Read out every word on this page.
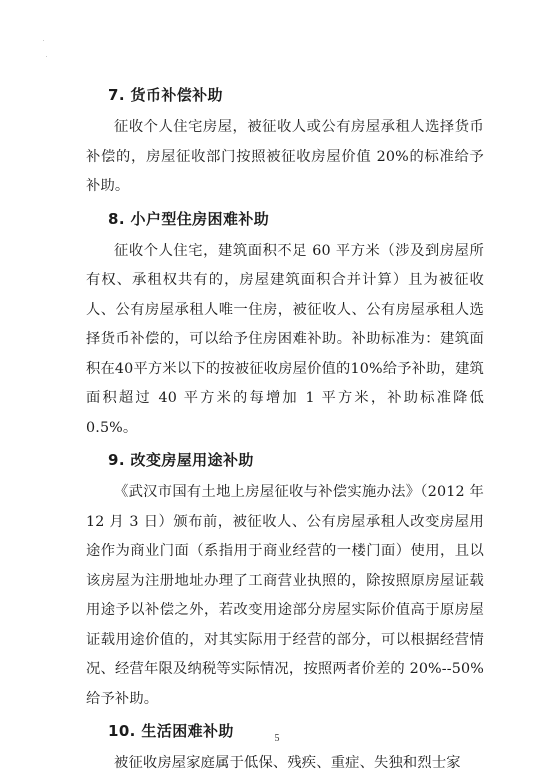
7. 货币补偿补助

征收个人住宅房屋，被征收人或公有房屋承租人选择货币补偿的，房屋征收部门按照被征收房屋价值 20%的标准给予补助。

8. 小户型住房困难补助

征收个人住宅，建筑面积不足 60 平方米（涉及到房屋所有权、承租权共有的，房屋建筑面积合并计算）且为被征收人、公有房屋承租人唯一住房，被征收人、公有房屋承租人选择货币补偿的，可以给予住房困难补助。补助标准为：建筑面积在40平方米以下的按被征收房屋价值的10%给予补助，建筑面积超过 40 平方米的每增加 1 平方米，补助标准降低 0.5%。

9. 改变房屋用途补助

《武汉市国有土地上房屋征收与补偿实施办法》（2012 年 12 月 3 日）颁布前，被征收人、公有房屋承租人改变房屋用途作为商业门面（系指用于商业经营的一楼门面）使用，且以该房屋为注册地址办理了工商营业执照的，除按照原房屋证载用途予以补偿之外，若改变用途部分房屋实际价值高于原房屋证载用途价值的，对其实际用于经营的部分，可以根据经营情况、经营年限及纳税等实际情况，按照两者价差的 20%--50%给予补助。

10. 生活困难补助

被征收房屋家庭属于低保、残疾、重症、失独和烈士家

5
